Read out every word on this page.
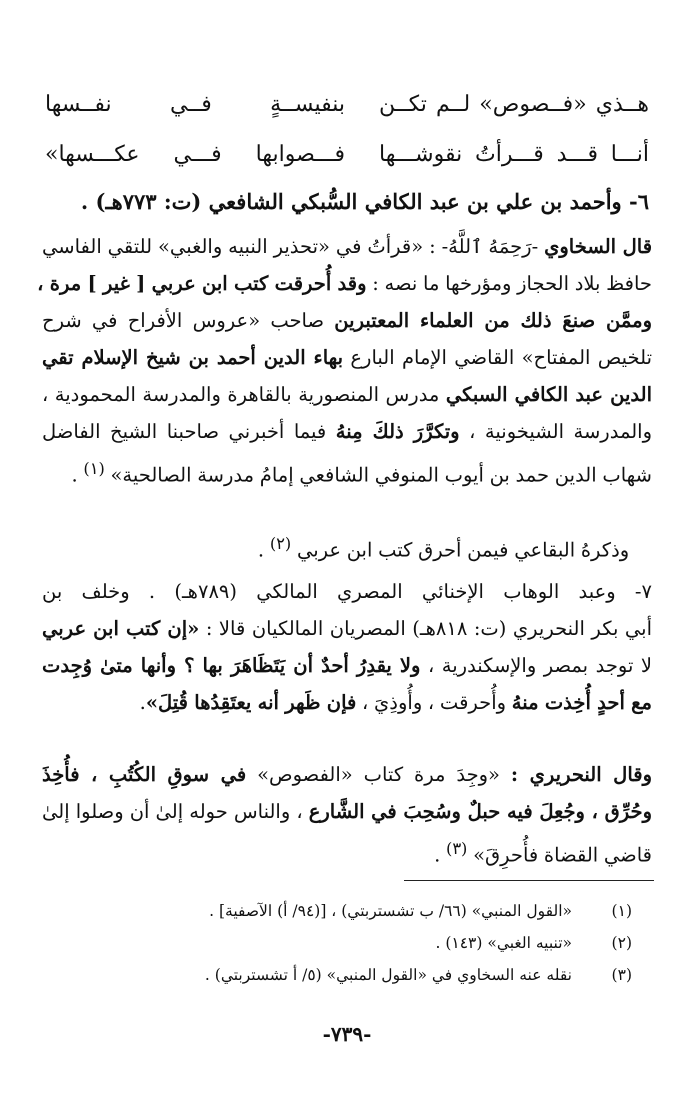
هــذي «فــصوص» لــم تكــن
بنفيســةٍ فــي نفــسها
أنـــا قـــد قـــرأتُ نقوشـــها
فـــصوابها فـــي عكـــسها»
٦- وأحمد بن علي بن عبد الكافي السُّبكي الشافعي (ت: ٧٧٣هـ) .
قال السخاوي -رَحِمَهُ ٱللَّهُ- : «قرأتُ في «تحذير النبيه والغبي» للتقي الفاسي
حافظ بلاد الحجاز ومؤرخها ما نصه : وقد أُحرقت كتب ابن عربي [ غير ] مرة ،
وممَّن صنعَ ذلك من العلماء المعتبرين صاحب «عروس الأفراح في شرح
تلخيص المفتاح» القاضي الإمام البارع بهاء الدين أحمد بن شيخ الإسلام تقي
الدين عبد الكافي السبكي مدرس المنصورية بالقاهرة والمدرسة المحمودية ،
والمدرسة الشيخونية ، وتكرَّرَ ذلكَ مِنهُ فيما أخبرني صاحبنا الشيخ الفاضل
شهاب الدين حمد بن أيوب المنوفي الشافعي إمامُ مدرسة الصالحية» $^{(١)}$ .
وذكرهُ البقاعي فيمن أحرق كتب ابن عربي $^{(٢)}$ .
٧- وعبد الوهاب الإخنائي المصري المالكي (٧٨٩هـ) . وخلف بن
أبي بكر النحريري (ت: ٨١٨هـ) المصريان المالكيان قالا : «إن كتب ابن عربي
لا توجد بمصر والإسكندرية ، ولا يقدِرُ أحدٌ أن يَتَظَاهَرَ بها ؟ وأنها متىٰ وُجِدت
مع أحدٍ أُخِذت منهُ وأُحرقت ، وأُوذِيَ ، فإن ظَهر أنه يعتَقِدُها قُتِلَ».
وقال النحريري : «وجِدَ مرة كتاب «الفصوص» في سوقِ الكُتُبِ ، فأُخِذَ
وحُرِّق ، وجُعِلَ فيه حبلٌ وسُحِبَ في الشَّارع ، والناس حوله إلىٰ أن وصلوا إلىٰ
قاضي القضاة فأُحرِقَ» $^{(٣)}$ .
(١)«القول المنبي» (٦٦/ ب تشستربتي) ، [(٩٤/ أ) الآصفية] .
(٢)«تنبيه الغبي» (١٤٣) .
(٣)نقله عنه السخاوي في «القول المنبي» (٥/ أ تشستربتي) .
-٧٣٩-
